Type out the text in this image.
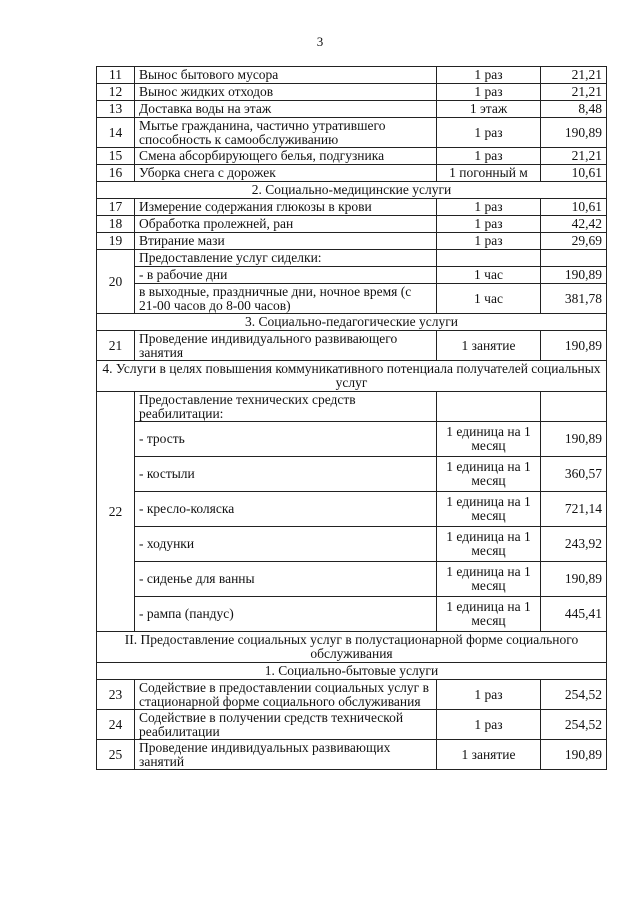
3
11	Вынос бытового мусора	1 раз	21,21
12	Вынос жидких отходов	1 раз	21,21
13	Доставка воды на этаж	1 этаж	8,48
14	Мытье гражданина, частично утратившего способность к самообслуживанию	1 раз	190,89
15	Смена абсорбирующего белья, подгузника	1 раз	21,21
16	Уборка снега с дорожек	1 погонный м	10,61
2. Социально-медицинские услуги			
17	Измерение содержания глюкозы в крови	1 раз	10,61
18	Обработка пролежней, ран	1 раз	42,42
19	Втирание мази	1 раз	29,69
20	Предоставление услуг сиделки:		
	- в рабочие дни	1 час	190,89
	в выходные, праздничные дни, ночное время (с 21-00 часов до 8-00 часов)	1 час	381,78
3. Социально-педагогические услуги			
21	Проведение индивидуального развивающего занятия	1 занятие	190,89
4. Услуги в целях повышения коммуникативного потенциала получателей социальных услуг			
22	Предоставление технических средств реабилитации:		
	- трость	1 единица на 1 месяц	190,89
	- костыли	1 единица на 1 месяц	360,57
	- кресло-коляска	1 единица на 1 месяц	721,14
	- ходунки	1 единица на 1 месяц	243,92
	- сиденье для ванны	1 единица на 1 месяц	190,89
	- рампа (пандус)	1 единица на 1 месяц	445,41
II. Предоставление социальных услуг в полустационарной форме социального обслуживания			
1. Социально-бытовые услуги			
23	Содействие в предоставлении социальных услуг в стационарной форме социального обслуживания	1 раз	254,52
24	Содействие в получении средств технической реабилитации	1 раз	254,52
25	Проведение индивидуальных развивающих занятий	1 занятие	190,89
